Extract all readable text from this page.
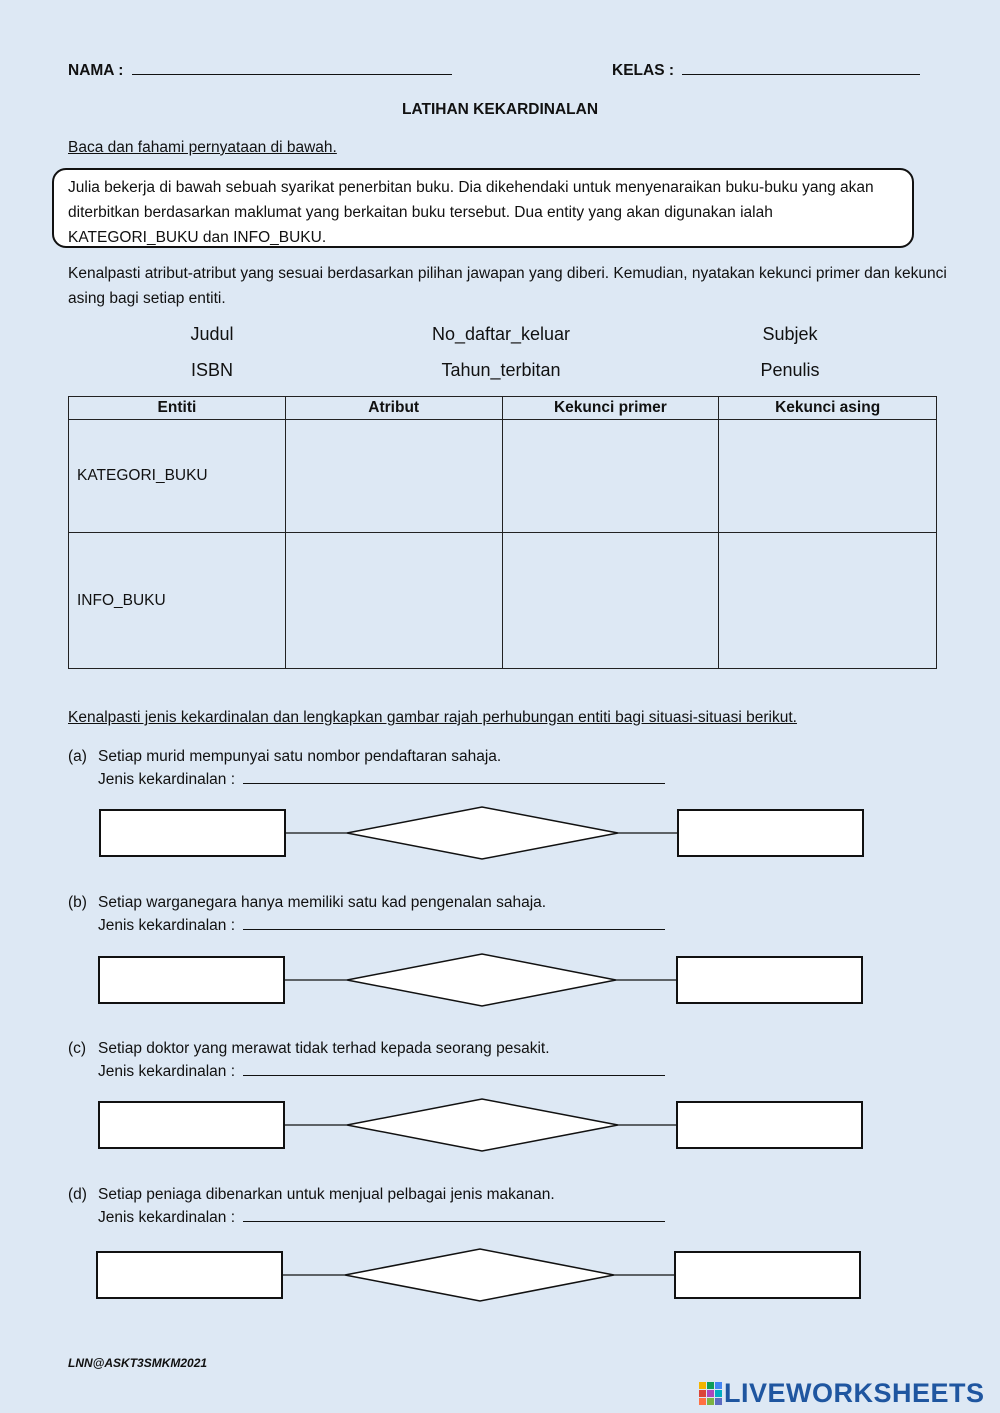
NAMA :	KELAS :
LATIHAN KEKARDINALAN
Baca dan fahami pernyataan di bawah.
Julia bekerja di bawah sebuah syarikat penerbitan buku. Dia dikehendaki untuk menyenaraikan buku-buku yang akan diterbitkan berdasarkan maklumat yang berkaitan buku tersebut. Dua entity yang akan digunakan ialah KATEGORI_BUKU dan INFO_BUKU.
Kenalpasti atribut-atribut yang sesuai berdasarkan pilihan jawapan yang diberi. Kemudian, nyatakan kekunci primer dan kekunci asing bagi setiap entiti.
Judul	No_daftar_keluar	Subjek
ISBN	Tahun_terbitan	Penulis
Entiti	Atribut	Kekunci primer	Kekunci asing
KATEGORI_BUKU			
INFO_BUKU			
Kenalpasti jenis kekardinalan dan lengkapkan gambar rajah perhubungan entiti bagi situasi-situasi berikut.
(a) Setiap murid mempunyai satu nombor pendaftaran sahaja.
Jenis kekardinalan :
(b) Setiap warganegara hanya memiliki satu kad pengenalan sahaja.
Jenis kekardinalan :
(c) Setiap doktor yang merawat tidak terhad kepada seorang pesakit.
Jenis kekardinalan :
(d) Setiap peniaga dibenarkan untuk menjual pelbagai jenis makanan.
Jenis kekardinalan :
LNN@ASKT3SMKM2021
LIVEWORKSHEETS
